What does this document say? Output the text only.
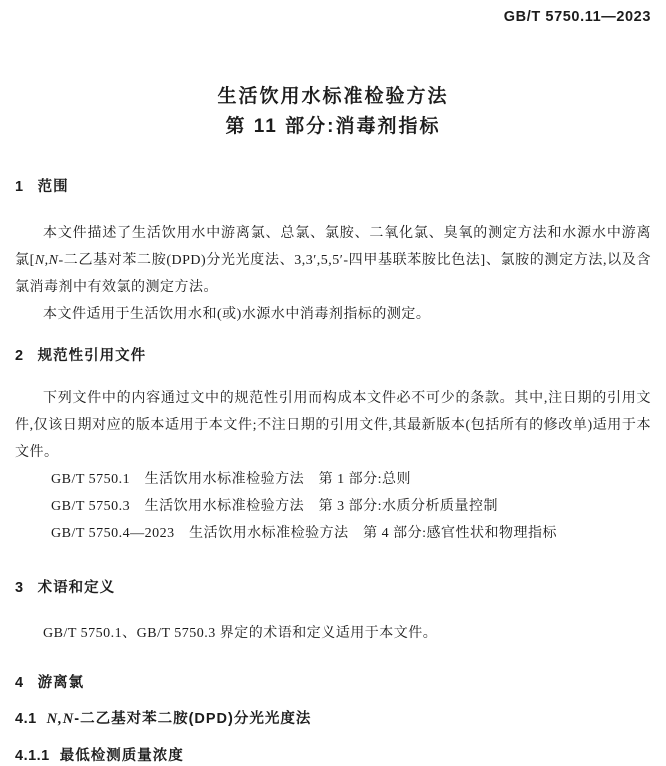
GB/T 5750.11—2023
生活饮用水标准检验方法
第 11 部分:消毒剂指标
1 范围

本文件描述了生活饮用水中游离氯、总氯、氯胺、二氧化氯、臭氧的测定方法和水源水中游离氯[N,N-二乙基对苯二胺(DPD)分光光度法、3,3′,5,5′-四甲基联苯胺比色法]、氯胺的测定方法,以及含氯消毒剂中有效氯的测定方法。

本文件适用于生活饮用水和(或)水源水中消毒剂指标的测定。

2 规范性引用文件

下列文件中的内容通过文中的规范性引用而构成本文件必不可少的条款。其中,注日期的引用文件,仅该日期对应的版本适用于本文件;不注日期的引用文件,其最新版本(包括所有的修改单)适用于本文件。

GB/T 5750.1　生活饮用水标准检验方法　第 1 部分:总则

GB/T 5750.3　生活饮用水标准检验方法　第 3 部分:水质分析质量控制

GB/T 5750.4—2023　生活饮用水标准检验方法　第 4 部分:感官性状和物理指标

3 术语和定义

GB/T 5750.1、GB/T 5750.3 界定的术语和定义适用于本文件。

4 游离氯
4.1 N,N-二乙基对苯二胺(DPD)分光光度法
4.1.1 最低检测质量浓度
